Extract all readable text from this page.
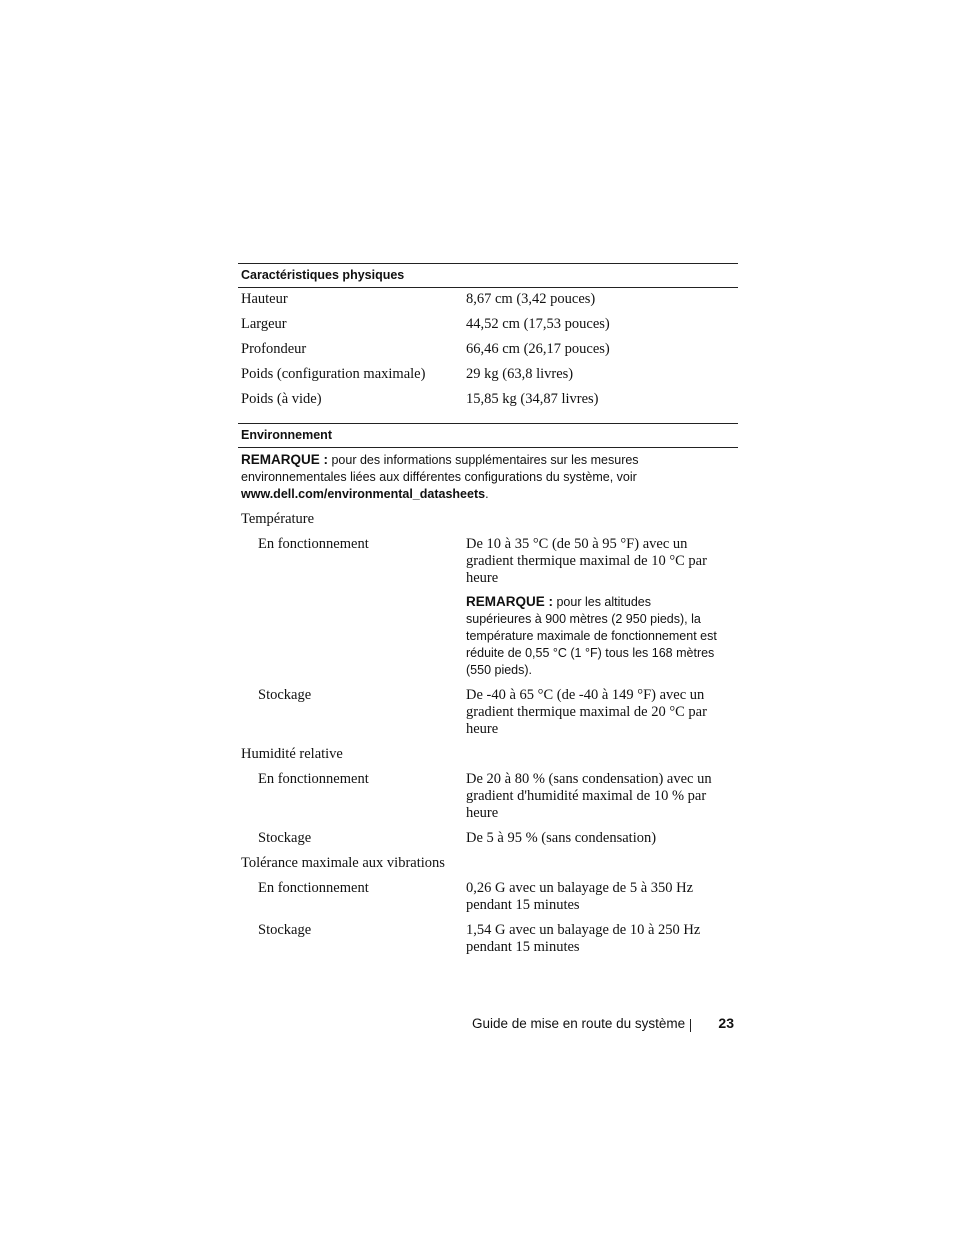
Caractéristiques physiques
Hauteur	8,67 cm (3,42 pouces)
Largeur	44,52 cm (17,53 pouces)
Profondeur	66,46 cm (26,17 pouces)
Poids (configuration maximale)	29 kg (63,8 livres)
Poids (à vide)	15,85 kg (34,87 livres)
Environnement
REMARQUE : pour des informations supplémentaires sur les mesures environnementales liées aux différentes configurations du système, voir www.dell.com/environmental_datasheets.
Température
En fonctionnement	De 10 à 35 °C (de 50 à 95 °F) avec un gradient thermique maximal de 10 °C par heure
REMARQUE : pour les altitudes supérieures à 900 mètres (2 950 pieds), la température maximale de fonctionnement est réduite de 0,55 °C (1 °F) tous les 168 mètres (550 pieds).
Stockage	De -40 à 65 °C (de -40 à 149 °F) avec un gradient thermique maximal de 20 °C par heure
Humidité relative
En fonctionnement	De 20 à 80 % (sans condensation) avec un gradient d'humidité maximal de 10 % par heure
Stockage	De 5 à 95 % (sans condensation)
Tolérance maximale aux vibrations
En fonctionnement	0,26 G avec un balayage de 5 à 350 Hz pendant 15 minutes
Stockage	1,54 G avec un balayage de 10 à 250 Hz pendant 15 minutes
Guide de mise en route du système 23
